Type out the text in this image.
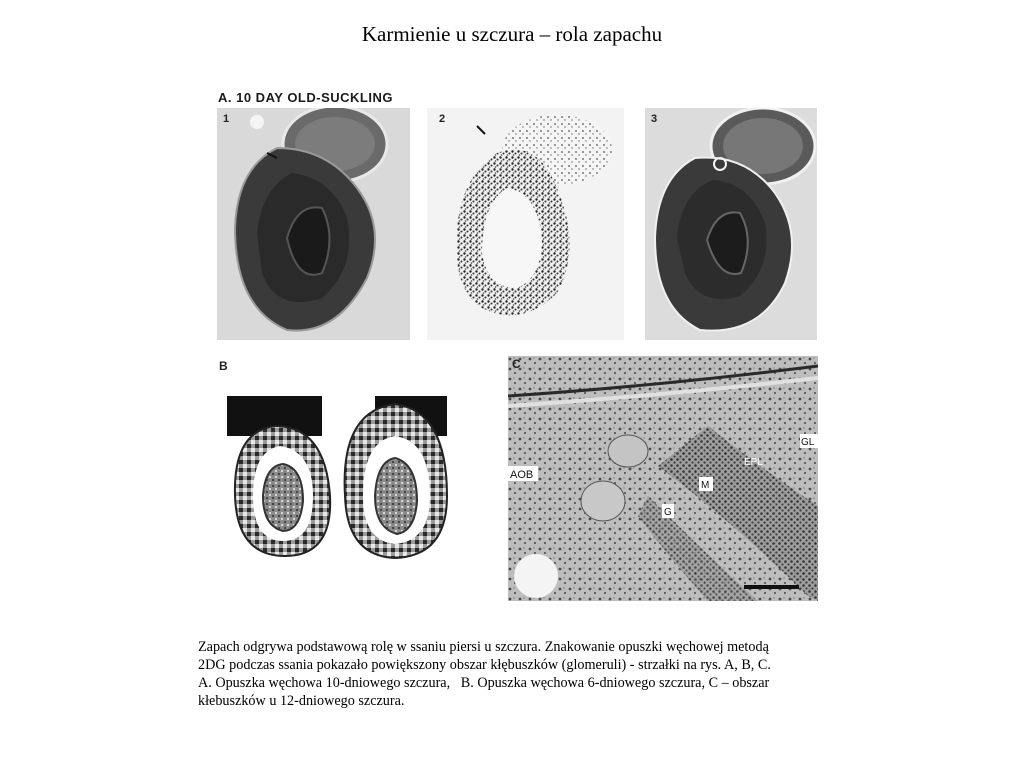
Karmienie u szczura – rola zapachu
A. 10 DAY OLD-SUCKLING
1	2	3
B
AOB
GL
EPL
M
G
C

Zapach odgrywa podstawową rolę w ssaniu piersi u szczura. Znakowanie opuszki węchowej metodą

2DG podczas ssania pokazało powiększony obszar kłębuszków (glomeruli) - strzałki na rys. A, B, C.

A. Opuszka węchowa 10-dniowego szczura,   B. Opuszka węchowa 6-dniowego szczura, C – obszar

kłebuszków u 12-dniowego szczura.
